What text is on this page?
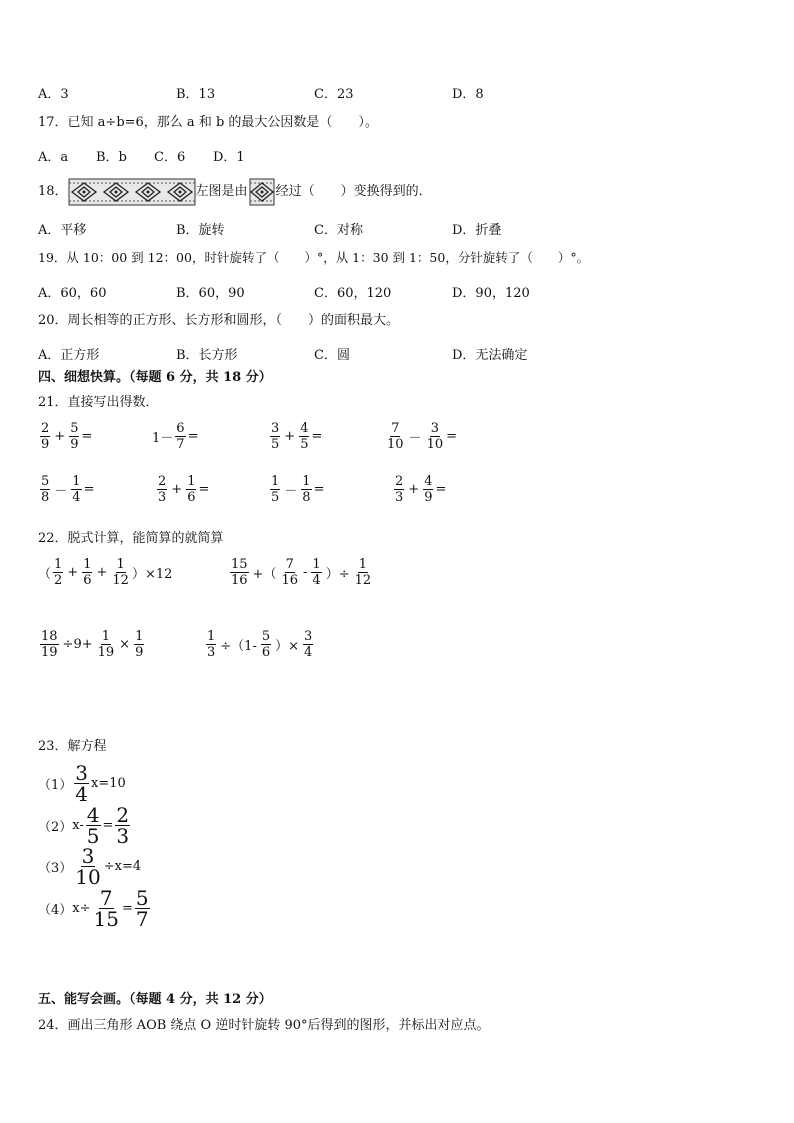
A．3	B．13	C．23	D．8
17．已知 a÷b=6，那么 a 和 b 的最大公因数是（　　）。
A．a B．b C．6 D．1
18．	左图是由 经过（　　）变换得到的．
A．平移	B．旋转	C．对称	D．折叠
19．从 10：00 到 12：00，时针旋转了（　　）°，从 1：30 到 1：50，分针旋转了（　　）°。
A．60，60	B．60，90	C．60，120	D．90，120
20．周长相等的正方形、长方形和圆形，（　　）的面积最大。
A．正方形	B．长方形	C．圆	D．无法确定
四、细想快算。（每题 6 分，共 18 分）
21．直接写出得数．
$\frac{2}{9} + \frac{5}{9}$ =	$1- \frac{6}{7}$ =	$\frac{3}{5} + \frac{4}{5}$ =	$\frac{7}{10} - \frac{3}{10}$ =
$\frac{5}{8} - \frac{1}{4}$ =	$\frac{2}{3} + \frac{1}{6}$ =	$\frac{1}{5} - \frac{1}{8}$ =	$\frac{2}{3} + \frac{4}{9}$ =
22．脱式计算，能简算的就简算
（ $\frac{1}{2} + \frac{1}{6} + \frac{1}{12} )\times 12$	$\frac{15}{16}$ +（ $\frac{7}{16} - \frac{1}{4}$ ）÷ $\frac{1}{12}$
$\frac{18}{19} \div 9+ \frac{1}{19} \times \frac{1}{9}$	$\frac{1}{3} \div(1- \frac{5}{6}$ ）× $\frac{3}{4}$
23．解方程
$(1) \frac{3}{4} x=10$
（2） $x- \frac{4}{5} = \frac{2}{3}$
$(3) \frac{3}{10} \div x=4$
（4） $x\div \frac{7}{15} = \frac{5}{7}$
五、能写会画。（每题 4 分，共 12 分）
24．画出三角形 AOB 绕点 O 逆时针旋转 90°后得到的图形，并标出对应点。
